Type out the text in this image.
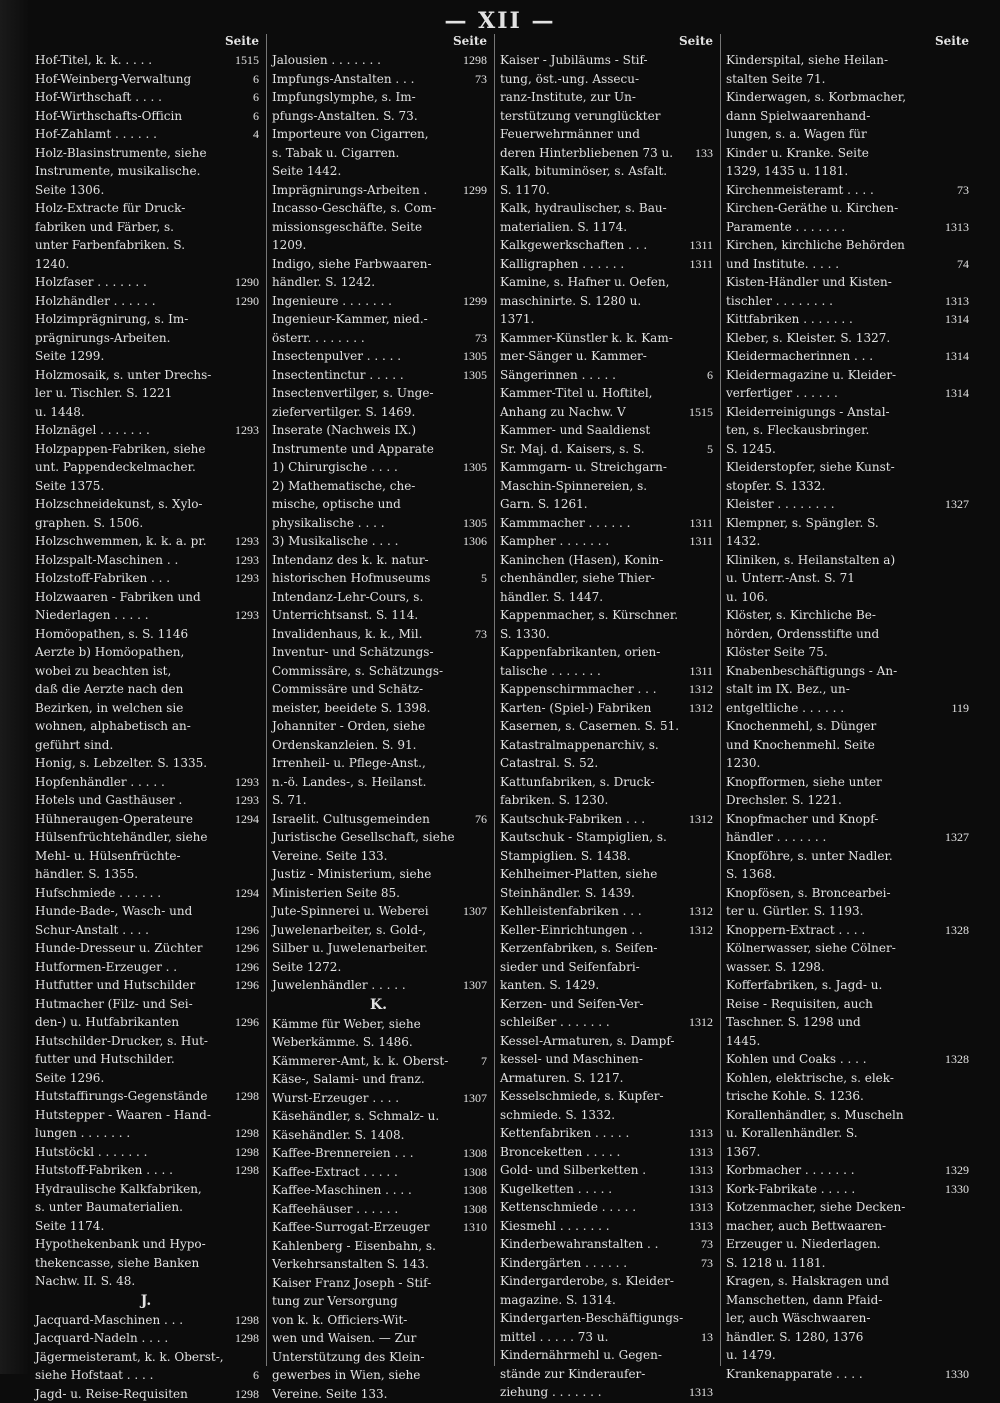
— XII —
Seite
Hof-Titel, k. k. . . . .	1515
Hof-Weinberg-Verwaltung	6
Hof-Wirthschaft . . . .	6
Hof-Wirthschafts-Officin	6
Hof-Zahlamt . . . . . .	4
Holz-Blasinstrumente, siehe
Instrumente, musikalische.
Seite 1306.
Holz-Extracte für Druck-
fabriken und Färber, s.
unter Farbenfabriken. S.
1240.
Holzfaser . . . . . . .	1290
Holzhändler . . . . . .	1290
Holzimprägnirung, s. Im-
prägnirungs-Arbeiten.
Seite 1299.
Holzmosaik, s. unter Drechs-
ler u. Tischler. S. 1221
u. 1448.
Holznägel . . . . . . .	1293
Holzpappen-Fabriken, siehe
unt. Pappendeckelmacher.
Seite 1375.
Holzschneidekunst, s. Xylo-
graphen. S. 1506.
Holzschwemmen, k. k. a. pr.	1293
Holzspalt-Maschinen . .	1293
Holzstoff-Fabriken . . .	1293
Holzwaaren - Fabriken und
Niederlagen . . . . .	1293
Homöopathen, s. S. 1146
Aerzte b) Homöopathen,
wobei zu beachten ist,
daß die Aerzte nach den
Bezirken, in welchen sie
wohnen, alphabetisch an-
geführt sind.
Honig, s. Lebzelter. S. 1335.
Hopfenhändler . . . . .	1293
Hotels und Gasthäuser .	1293
Hühneraugen-Operateure	1294
Hülsenfrüchtehändler, siehe
Mehl- u. Hülsenfrüchte-
händler. S. 1355.
Hufschmiede . . . . . .	1294
Hunde-Bade-, Wasch- und
Schur-Anstalt . . . .	1296
Hunde-Dresseur u. Züchter	1296
Hutformen-Erzeuger . .	1296
Hutfutter und Hutschilder	1296
Hutmacher (Filz- und Sei-
den-) u. Hutfabrikanten	1296
Hutschilder-Drucker, s. Hut-
futter und Hutschilder.
Seite 1296.
Hutstaffirungs-Gegenstände	1298
Hutstepper - Waaren - Hand-
lungen . . . . . . .	1298
Hutstöckl . . . . . . .	1298
Hutstoff-Fabriken . . . .	1298
Hydraulische Kalkfabriken,
s. unter Baumaterialien.
Seite 1174.
Hypothekenbank und Hypo-
thekencasse, siehe Banken
Nachw. II. S. 48.
J.
Jacquard-Maschinen . . .	1298
Jacquard-Nadeln . . . .	1298
Jägermeisteramt, k. k. Oberst-,
siehe Hofstaat . . . .	6
Jagd- u. Reise-Requisiten	1298
Seite
Jalousien . . . . . . .	1298
Impfungs-Anstalten . . .	73
Impfungslymphe, s. Im-
pfungs-Anstalten. S. 73.
Importeure von Cigarren,
s. Tabak u. Cigarren.
Seite 1442.
Imprägnirungs-Arbeiten .	1299
Incasso-Geschäfte, s. Com-
missionsgeschäfte. Seite
1209.
Indigo, siehe Farbwaaren-
händler. S. 1242.
Ingenieure . . . . . . .	1299
Ingenieur-Kammer, nied.-
österr. . . . . . . .	73
Insectenpulver . . . . .	1305
Insectentinctur . . . . .	1305
Insectenvertilger, s. Unge-
ziefervertilger. S. 1469.
Inserate (Nachweis IX.)
Instrumente und Apparate
1) Chirurgische . . . .	1305
2) Mathematische, che-
mische, optische und
physikalische . . . .	1305
3) Musikalische . . . .	1306
Intendanz des k. k. natur-
historischen Hofmuseums	5
Intendanz-Lehr-Cours, s.
Unterrichtsanst. S. 114.
Invalidenhaus, k. k., Mil.	73
Inventur- und Schätzungs-
Commissäre, s. Schätzungs-
Commissäre und Schätz-
meister, beeidete S. 1398.
Johanniter - Orden, siehe
Ordenskanzleien. S. 91.
Irrenheil- u. Pflege-Anst.,
n.-ö. Landes-, s. Heilanst.
S. 71.
Israelit. Cultusgemeinden	76
Juristische Gesellschaft, siehe
Vereine. Seite 133.
Justiz - Ministerium, siehe
Ministerien Seite 85.
Jute-Spinnerei u. Weberei	1307
Juwelenarbeiter, s. Gold-,
Silber u. Juwelenarbeiter.
Seite 1272.
Juwelenhändler . . . . .	1307
K.
Kämme für Weber, siehe
Weberkämme. S. 1486.
Kämmerer-Amt, k. k. Oberst-	7
Käse-, Salami- und franz.
Wurst-Erzeuger . . . .	1307
Käsehändler, s. Schmalz- u.
Käsehändler. S. 1408.
Kaffee-Brennereien . . .	1308
Kaffee-Extract . . . . .	1308
Kaffee-Maschinen . . . .	1308
Kaffeehäuser . . . . . .	1308
Kaffee-Surrogat-Erzeuger	1310
Kahlenberg - Eisenbahn, s.
Verkehrsanstalten S. 143.
Kaiser Franz Joseph - Stif-
tung zur Versorgung
von k. k. Officiers-Wit-
wen und Waisen. — Zur
Unterstützung des Klein-
gewerbes in Wien, siehe
Vereine. Seite 133.
Seite
Kaiser - Jubiläums - Stif-
tung, öst.-ung. Assecu-
ranz-Institute, zur Un-
terstützung verunglückter
Feuerwehrmänner und
deren Hinterbliebenen 73 u.	133
Kalk, bituminöser, s. Asfalt.
S. 1170.
Kalk, hydraulischer, s. Bau-
materialien. S. 1174.
Kalkgewerkschaften . . .	1311
Kalligraphen . . . . . .	1311
Kamine, s. Hafner u. Oefen,
maschinirte. S. 1280 u.
1371.
Kammer-Künstler k. k. Kam-
mer-Sänger u. Kammer-
Sängerinnen . . . . .	6
Kammer-Titel u. Hoftitel,
Anhang zu Nachw. V	1515
Kammer- und Saaldienst
Sr. Maj. d. Kaisers, s. S.	5
Kammgarn- u. Streichgarn-
Maschin-Spinnereien, s.
Garn. S. 1261.
Kammmacher . . . . . .	1311
Kampher . . . . . . .	1311
Kaninchen (Hasen), Konin-
chenhändler, siehe Thier-
händler. S. 1447.
Kappenmacher, s. Kürschner.
S. 1330.
Kappenfabrikanten, orien-
talische . . . . . . .	1311
Kappenschirmmacher . . .	1312
Karten- (Spiel-) Fabriken	1312
Kasernen, s. Casernen. S. 51.
Katastralmappenarchiv, s.
Catastral. S. 52.
Kattunfabriken, s. Druck-
fabriken. S. 1230.
Kautschuk-Fabriken . . .	1312
Kautschuk - Stampiglien, s.
Stampiglien. S. 1438.
Kehlheimer-Platten, siehe
Steinhändler. S. 1439.
Kehlleistenfabriken . . .	1312
Keller-Einrichtungen . .	1312
Kerzenfabriken, s. Seifen-
sieder und Seifenfabri-
kanten. S. 1429.
Kerzen- und Seifen-Ver-
schleißer . . . . . . .	1312
Kessel-Armaturen, s. Dampf-
kessel- und Maschinen-
Armaturen. S. 1217.
Kesselschmiede, s. Kupfer-
schmiede. S. 1332.
Kettenfabriken . . . . .	1313
Bronceketten . . . . .	1313
Gold- und Silberketten .	1313
Kugelketten . . . . .	1313
Kettenschmiede . . . . .	1313
Kiesmehl . . . . . . .	1313
Kinderbewahranstalten . .	73
Kindergärten . . . . . .	73
Kindergarderobe, s. Kleider-
magazine. S. 1314.
Kindergarten-Beschäftigungs-
mittel . . . . . 73 u.	13
Kindernährmehl u. Gegen-
stände zur Kinderaufer-
ziehung . . . . . . .	1313
Seite
Kinderspital, siehe Heilan-
stalten Seite 71.
Kinderwagen, s. Korbmacher,
dann Spielwaarenhand-
lungen, s. a. Wagen für
Kinder u. Kranke. Seite
1329, 1435 u. 1181.
Kirchenmeisteramt . . . .	73
Kirchen-Geräthe u. Kirchen-
Paramente . . . . . . .	1313
Kirchen, kirchliche Behörden
und Institute. . . . .	74
Kisten-Händler und Kisten-
tischler . . . . . . . .	1313
Kittfabriken . . . . . . .	1314
Kleber, s. Kleister. S. 1327.
Kleidermacherinnen . . .	1314
Kleidermagazine u. Kleider-
verfertiger . . . . . .	1314
Kleiderreinigungs - Anstal-
ten, s. Fleckausbringer.
S. 1245.
Kleiderstopfer, siehe Kunst-
stopfer. S. 1332.
Kleister . . . . . . . .	1327
Klempner, s. Spängler. S.
1432.
Kliniken, s. Heilanstalten a)
u. Unterr.-Anst. S. 71
u. 106.
Klöster, s. Kirchliche Be-
hörden, Ordensstifte und
Klöster Seite 75.
Knabenbeschäftigungs - An-
stalt im IX. Bez., un-
entgeltliche . . . . . .	119
Knochenmehl, s. Dünger
und Knochenmehl. Seite
1230.
Knopfformen, siehe unter
Drechsler. S. 1221.
Knopfmacher und Knopf-
händler . . . . . . .	1327
Knopföhre, s. unter Nadler.
S. 1368.
Knopfösen, s. Broncearbei-
ter u. Gürtler. S. 1193.
Knoppern-Extract . . . .	1328
Kölnerwasser, siehe Cölner-
wasser. S. 1298.
Kofferfabriken, s. Jagd- u.
Reise - Requisiten, auch
Taschner. S. 1298 und
1445.
Kohlen und Coaks . . . .	1328
Kohlen, elektrische, s. elek-
trische Kohle. S. 1236.
Korallenhändler, s. Muscheln
u. Korallenhändler. S.
1367.
Korbmacher . . . . . . .	1329
Kork-Fabrikate . . . . .	1330
Kotzenmacher, siehe Decken-
macher, auch Bettwaaren-
Erzeuger u. Niederlagen.
S. 1218 u. 1181.
Kragen, s. Halskragen und
Manschetten, dann Pfaid-
ler, auch Wäschwaaren-
händler. S. 1280, 1376
u. 1479.
Krankenapparate . . . .	1330
